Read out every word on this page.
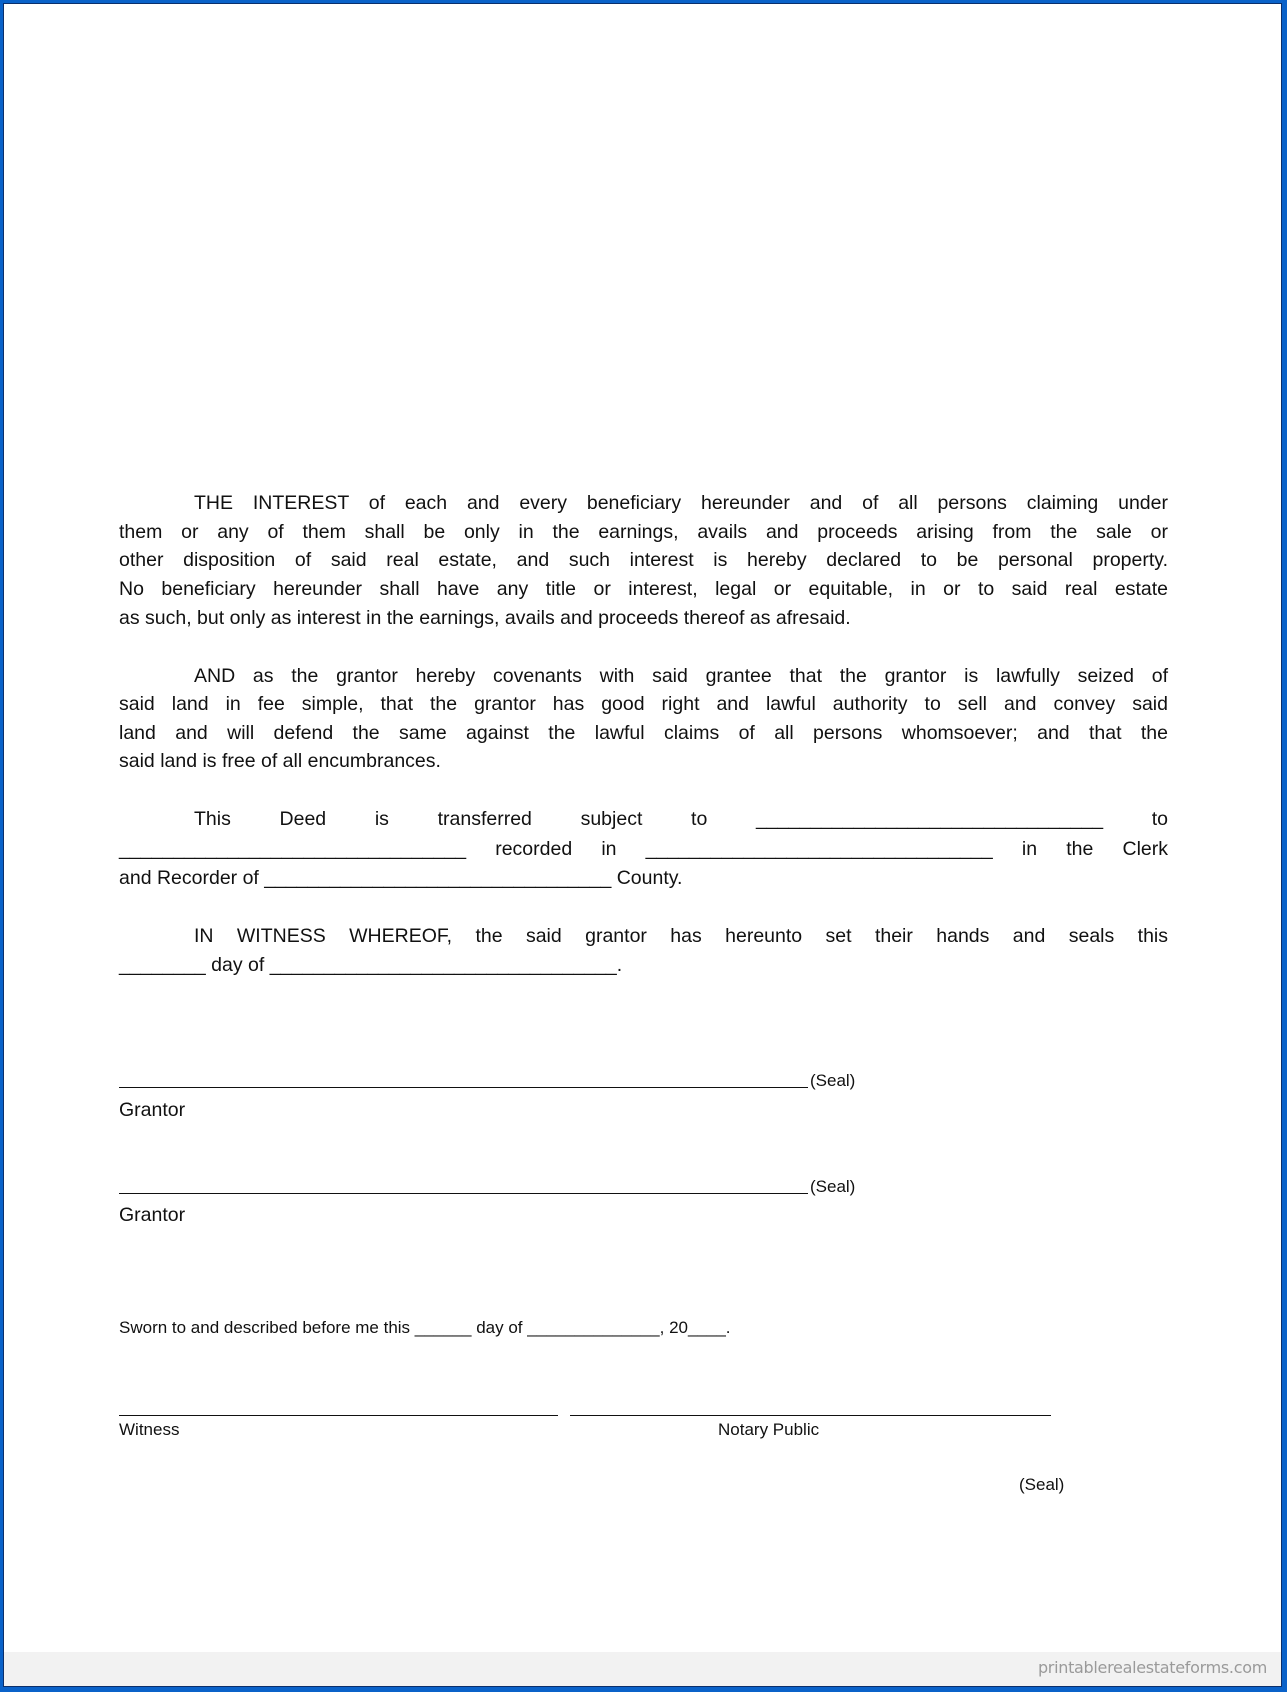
THE INTEREST of each and every beneficiary hereunder and of all persons claiming under
them or any of them shall be only in the earnings, avails and proceeds arising from the sale or
other disposition of said real estate, and such interest is hereby declared to be personal property.
No beneficiary hereunder shall have any title or interest, legal or equitable, in or to said real estate
as such, but only as interest in the earnings, avails and proceeds thereof as afresaid.
AND as the grantor hereby covenants with said grantee that the grantor is lawfully seized of
said land in fee simple, that the grantor has good right and lawful authority to sell and convey said
land and will defend the same against the lawful claims of all persons whomsoever; and that the
said land is free of all encumbrances.
This Deed is transferred subject to ________________________________ to
________________________________ recorded in ________________________________ in the Clerk
and Recorder of ________________________________ County.
IN WITNESS WHEREOF, the said grantor has hereunto set their hands and seals this
________ day of ________________________________.
(Seal)
Grantor
(Seal)
Grantor
Sworn to and described before me this ______ day of ______________, 20____.
Witness	Notary Public
(Seal)
printablerealestateforms.com
